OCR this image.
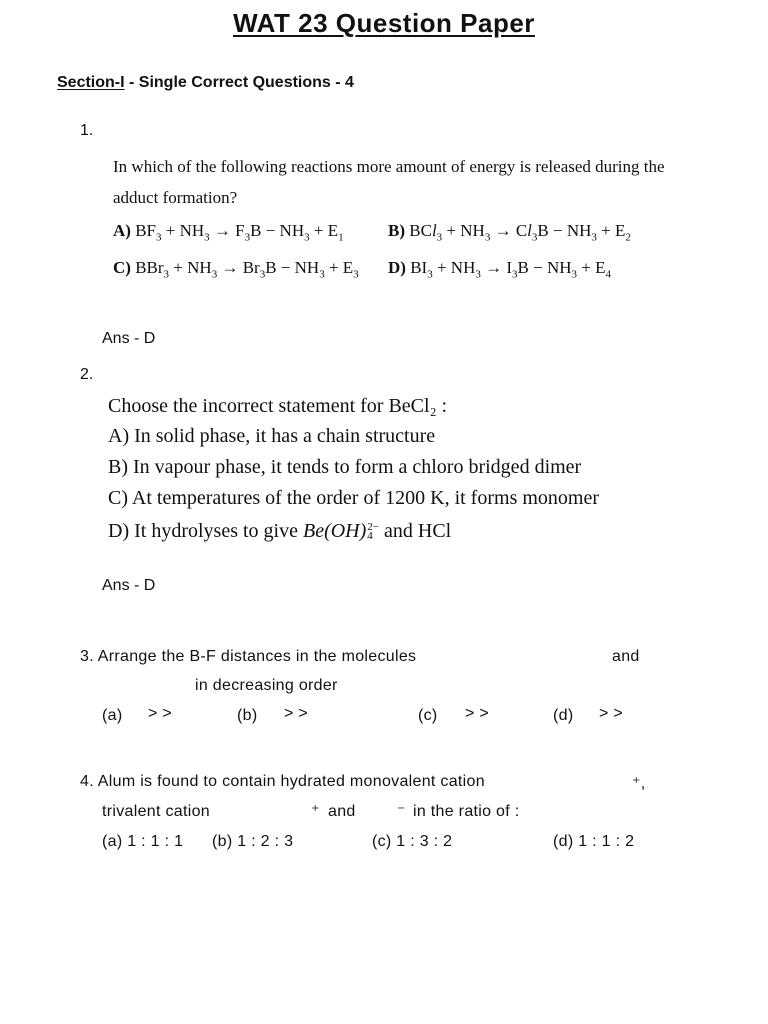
WAT 23 Question Paper
Section-I - Single Correct Questions - 4
1.
In which of the following reactions more amount of energy is released during the
adduct formation?
A) $BF_3 + NH_3 \to F_3B - NH_3 + E_1$	B) $BCl_3 + NH_3 \to Cl_3B - NH_3 + E_2$
C) $BBr_3 + NH_3 \to Br_3B - NH_3 + E_3$ D) $BI_3 + NH_3 \to I_3B - NH_3 + E_4$
Ans - D
2.
Choose the incorrect statement for BeCl₂ :
A) In solid phase, it has a chain structure
B) In vapour phase, it tends to form a chloro bridged dimer
C) At temperatures of the order of 1200 K, it forms monomer
D) It hydrolyses to give Be(OH) 2−
4 and HCl
Ans - D
3. Arrange the B-F distances in the molecules	and
in decreasing order
(a) > >	(b) > >	(c) > >	(d) > >
4. Alum is found to contain hydrated monovalent cation	⁺,
trivalent cation	⁺ and	⁻ in the ratio of :
(a) 1 : 1 : 1 (b) 1 : 2 : 3	(c) 1 : 3 : 2	(d) 1 : 1 : 2
